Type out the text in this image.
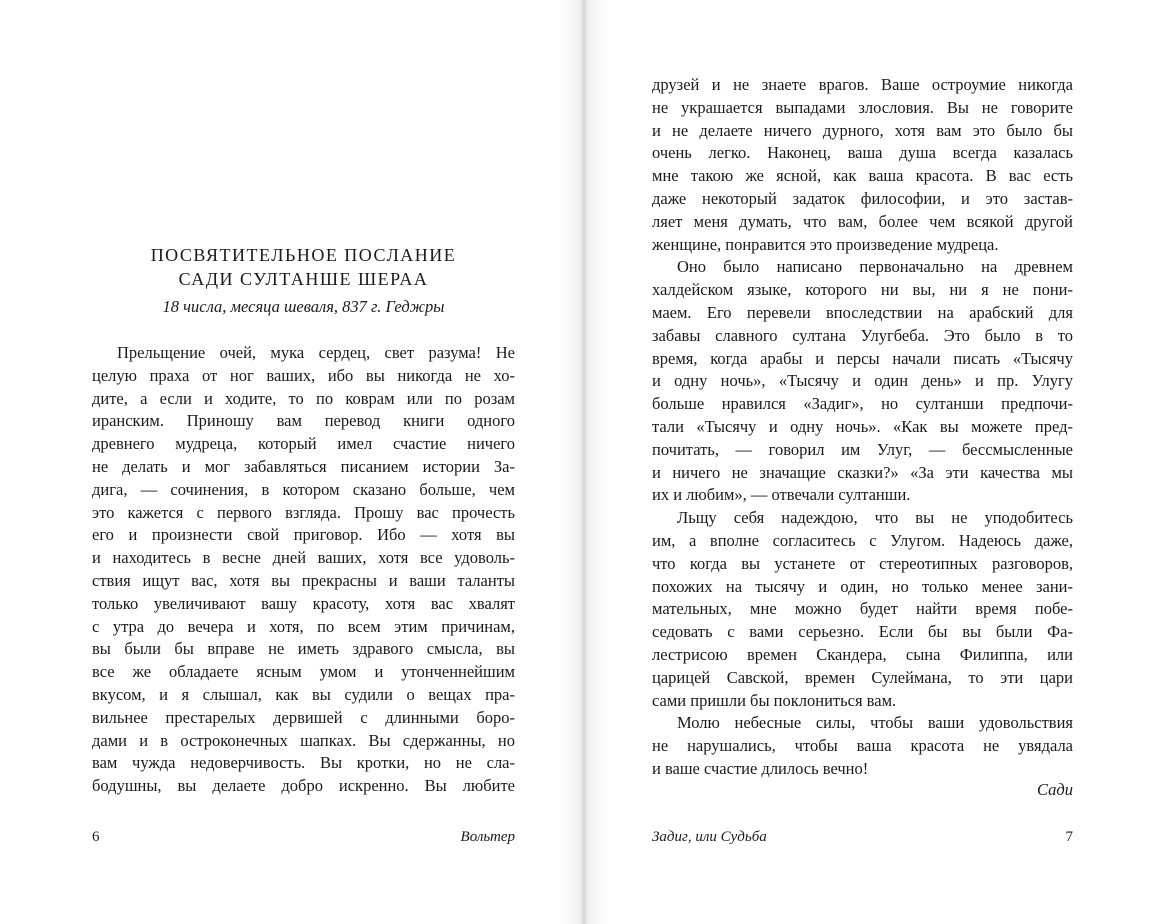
ПОСВЯТИТЕЛЬНОЕ ПОСЛАНИЕ
САДИ СУЛТАНШЕ ШЕРАА
18 числа, месяца шеваля, 837 г. Геджры
Прельщение очей, мука сердец, свет разума! Не
целую праха от ног ваших, ибо вы никогда не хо-
дите, а если и ходите, то по коврам или по розам
иранским. Приношу вам перевод книги одного
древнего мудреца, который имел счастие ничего
не делать и мог забавляться писанием истории За-
дига, — сочинения, в котором сказано больше, чем
это кажется с первого взгляда. Прошу вас прочесть
его и произнести свой приговор. Ибо — хотя вы
и находитесь в весне дней ваших, хотя все удоволь-
ствия ищут вас, хотя вы прекрасны и ваши таланты
только увеличивают вашу красоту, хотя вас хвалят
с утра до вечера и хотя, по всем этим причинам,
вы были бы вправе не иметь здравого смысла, вы
все же обладаете ясным умом и утонченнейшим
вкусом, и я слышал, как вы судили о вещах пра-
вильнее престарелых дервишей с длинными боро-
дами и в остроконечных шапках. Вы сдержанны, но
вам чужда недоверчивость. Вы кротки, но не сла-
бодушны, вы делаете добро искренно. Вы любите
6	Вольтер
друзей и не знаете врагов. Ваше остроумие никогда
не украшается выпадами злословия. Вы не говорите
и не делаете ничего дурного, хотя вам это было бы
очень легко. Наконец, ваша душа всегда казалась
мне такою же ясной, как ваша красота. В вас есть
даже некоторый задаток философии, и это застав-
ляет меня думать, что вам, более чем всякой другой
женщине, понравится это произведение мудреца.
Оно было написано первоначально на древнем
халдейском языке, которого ни вы, ни я не пони-
маем. Его перевели впоследствии на арабский для
забавы славного султана Улугбеба. Это было в то
время, когда арабы и персы начали писать «Тысячу
и одну ночь», «Тысячу и один день» и пр. Улугу
больше нравился «Задиг», но султанши предпочи-
тали «Тысячу и одну ночь». «Как вы можете пред-
почитать, — говорил им Улуг, — бессмысленные
и ничего не значащие сказки?» «За эти качества мы
их и любим», — отвечали султанши.
Льщу себя надеждою, что вы не уподобитесь
им, а вполне согласитесь с Улугом. Надеюсь даже,
что когда вы устанете от стереотипных разговоров,
похожих на тысячу и один, но только менее зани-
мательных, мне можно будет найти время побе-
седовать с вами серьезно. Если бы вы были Фа-
лестрисою времен Скандера, сына Филиппа, или
царицей Савской, времен Сулеймана, то эти цари
сами пришли бы поклониться вам.
Молю небесные силы, чтобы ваши удовольствия
не нарушались, чтобы ваша красота не увядала
и ваше счастие длилось вечно!
Сади
Задиг, или Судьба	7
